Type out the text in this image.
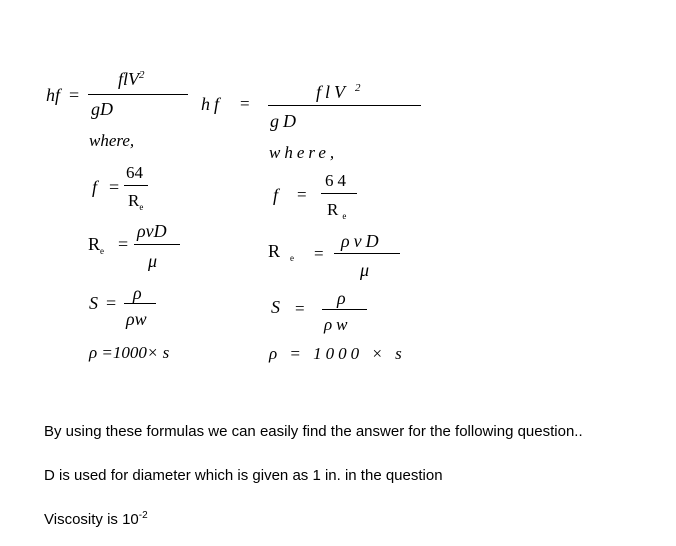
hf =
flV$^2$
gD
where,
f =
64
$R_e$
$R_e$ =
ρvD
μ
S = ρ
ρw
ρ =1000× s
hf =
flV $^2$
gD
where,
f =
64
$R_e$
R $_e$ =
ρvD
μ
S =
ρ
ρw
ρ = 1000 × s
By using these formulas we can easily find the answer for the following question..
D is used for diameter which is given as 1 in. in the question
Viscosity is $10^{-2}$
